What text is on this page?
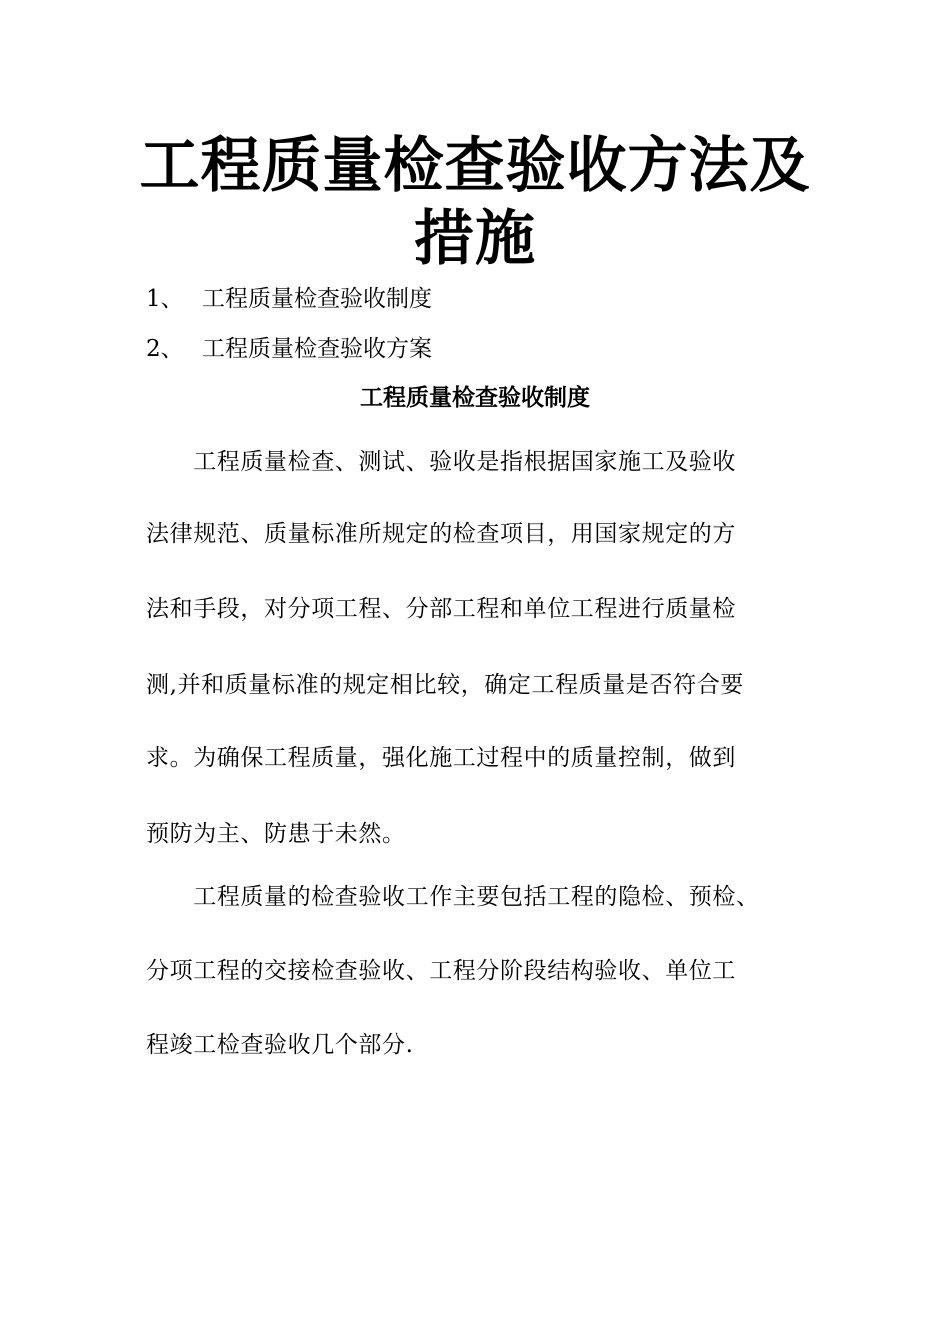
工程质量检查验收方法及
措施
1、 工程质量检查验收制度
2、 工程质量检查验收方案
工程质量检查验收制度
　　工程质量检查、测试、验收是指根据国家施工及验收
法律规范、质量标准所规定的检查项目，用国家规定的方
法和手段，对分项工程、分部工程和单位工程进行质量检
测,并和质量标准的规定相比较，确定工程质量是否符合要
求。为确保工程质量，强化施工过程中的质量控制，做到
预防为主、防患于未然。
　　工程质量的检查验收工作主要包括工程的隐检、预检、
分项工程的交接检查验收、工程分阶段结构验收、单位工
程竣工检查验收几个部分.
